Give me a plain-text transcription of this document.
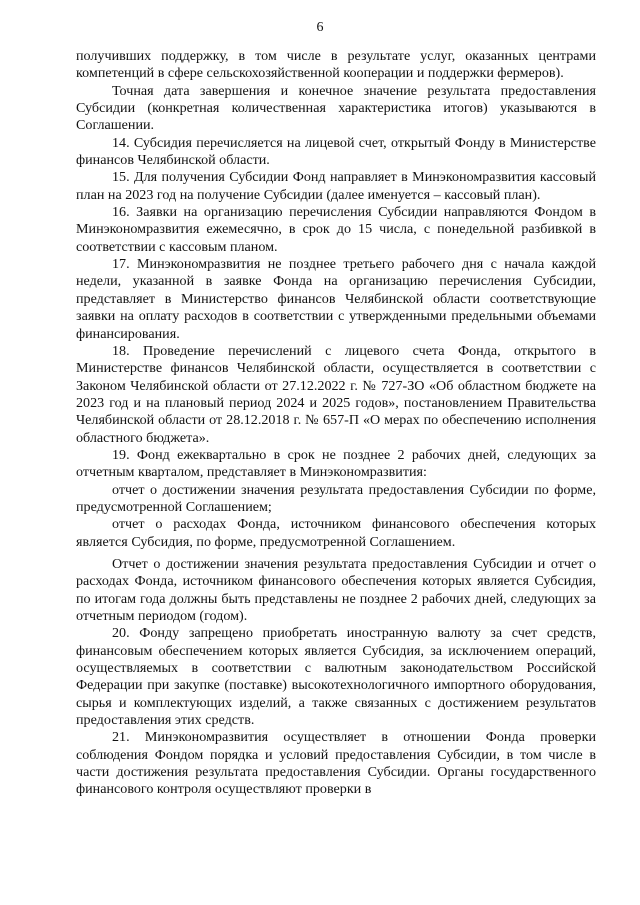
6

получивших поддержку, в том числе в результате услуг, оказанных центрами компетенций в сфере сельскохозяйственной кооперации и поддержки фермеров).

Точная дата завершения и конечное значение результата предоставления Субсидии (конкретная количественная характеристика итогов) указываются в Соглашении.

14. Субсидия перечисляется на лицевой счет, открытый Фонду в Министерстве финансов Челябинской области.

15. Для получения Субсидии Фонд направляет в Минэкономразвития кассовый план на 2023 год на получение Субсидии (далее именуется – кассовый план).

16. Заявки на организацию перечисления Субсидии направляются Фондом в Минэкономразвития ежемесячно, в срок до 15 числа, с понедельной разбивкой в соответствии с кассовым планом.

17. Минэкономразвития не позднее третьего рабочего дня с начала каждой недели, указанной в заявке Фонда на организацию перечисления Субсидии, представляет в Министерство финансов Челябинской области соответствующие заявки на оплату расходов в соответствии с утвержденными предельными объемами финансирования.

18. Проведение перечислений с лицевого счета Фонда, открытого в Министерстве финансов Челябинской области, осуществляется в соответствии с Законом Челябинской области от 27.12.2022 г. № 727-ЗО «Об областном бюджете на 2023 год и на плановый период 2024 и 2025 годов», постановлением Правительства Челябинской области от 28.12.2018 г. № 657-П «О мерах по обеспечению исполнения областного бюджета».

19. Фонд ежеквартально в срок не позднее 2 рабочих дней, следующих за отчетным кварталом, представляет в Минэкономразвития:

отчет о достижении значения результата предоставления Субсидии по форме, предусмотренной Соглашением;

отчет о расходах Фонда, источником финансового обеспечения которых является Субсидия, по форме, предусмотренной Соглашением.

Отчет о достижении значения результата предоставления Субсидии и отчет о расходах Фонда, источником финансового обеспечения которых является Субсидия, по итогам года должны быть представлены не позднее 2 рабочих дней, следующих за отчетным периодом (годом).

20. Фонду запрещено приобретать иностранную валюту за счет средств, финансовым обеспечением которых является Субсидия, за исключением операций, осуществляемых в соответствии с валютным законодательством Российской Федерации при закупке (поставке) высокотехнологичного импортного оборудования, сырья и комплектующих изделий, а также связанных с достижением результатов предоставления этих средств.

21. Минэкономразвития осуществляет в отношении Фонда проверки соблюдения Фондом порядка и условий предоставления Субсидии, в том числе в части достижения результата предоставления Субсидии. Органы государственного финансового контроля осуществляют проверки в
